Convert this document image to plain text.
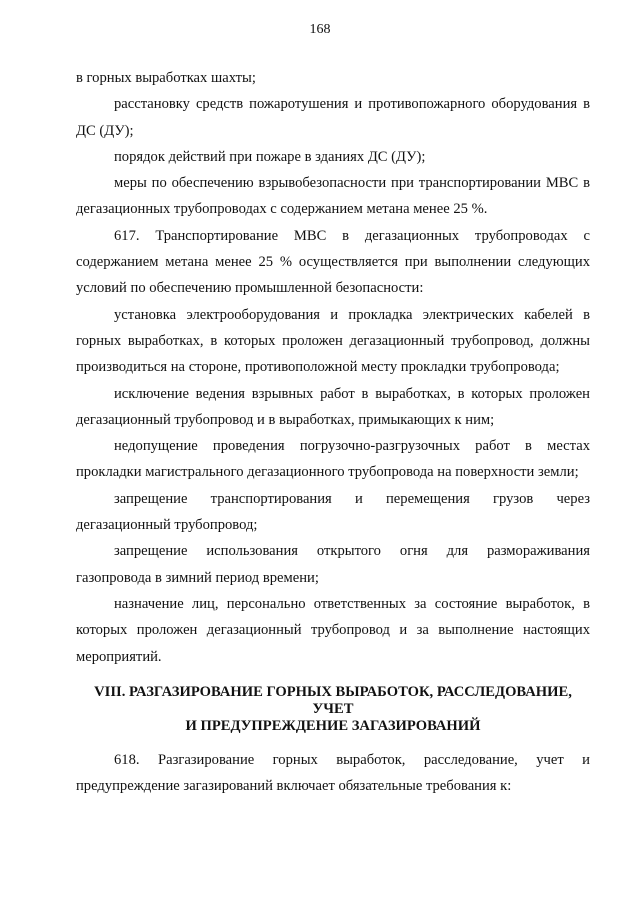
168

в горных выработках шахты;

расстановку средств пожаротушения и противопожарного оборудования в ДС (ДУ);

порядок действий при пожаре в зданиях ДС (ДУ);

меры по обеспечению взрывобезопасности при транспортировании МВС в дегазационных трубопроводах с содержанием метана менее 25 %.

617. Транспортирование МВС в дегазационных трубопроводах с содержанием метана менее 25 % осуществляется при выполнении следующих условий по обеспечению промышленной безопасности:

установка электрооборудования и прокладка электрических кабелей в горных выработках, в которых проложен дегазационный трубопровод, должны производиться на стороне, противоположной месту прокладки трубопровода;

исключение ведения взрывных работ в выработках, в которых проложен дегазационный трубопровод и в выработках, примыкающих к ним;

недопущение проведения погрузочно-разгрузочных работ в местах прокладки магистрального дегазационного трубопровода на поверхности земли;

запрещение транспортирования и перемещения грузов через дегазационный трубопровод;

запрещение использования открытого огня для размораживания газопровода в зимний период времени;

назначение лиц, персонально ответственных за состояние выработок, в которых проложен дегазационный трубопровод и за выполнение настоящих мероприятий.

VIII. РАЗГАЗИРОВАНИЕ ГОРНЫХ ВЫРАБОТОК, РАССЛЕДОВАНИЕ, УЧЕТ
И ПРЕДУПРЕЖДЕНИЕ ЗАГАЗИРОВАНИЙ

618. Разгазирование горных выработок, расследование, учет и предупреждение загазирований включает обязательные требования к:
